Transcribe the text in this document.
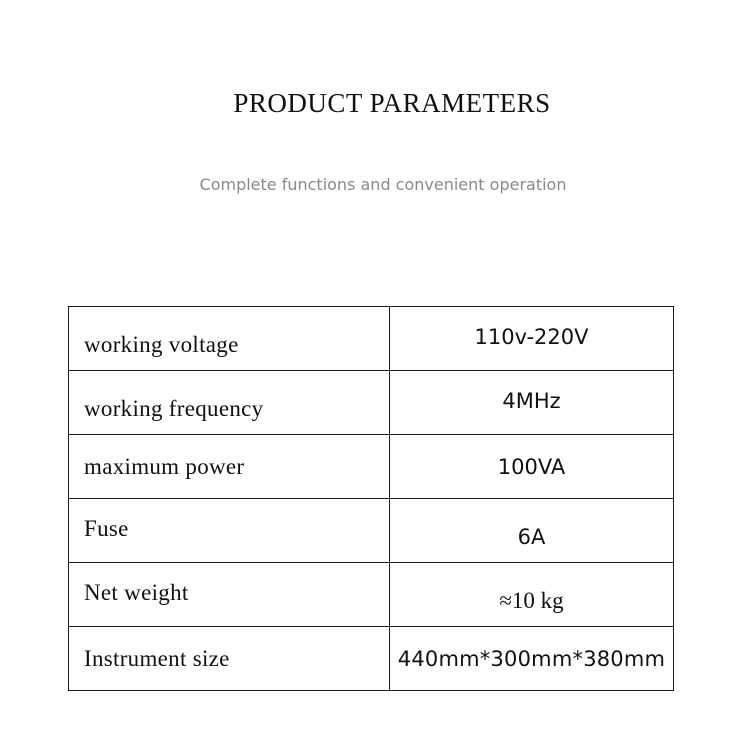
PRODUCT PARAMETERS
Complete functions and convenient operation
working voltage	110v-220V
working frequency	4MHz
maximum power	100VA
Fuse	6A
Net weight	≈10 kg
Instrument size	440mm*300mm*380mm
